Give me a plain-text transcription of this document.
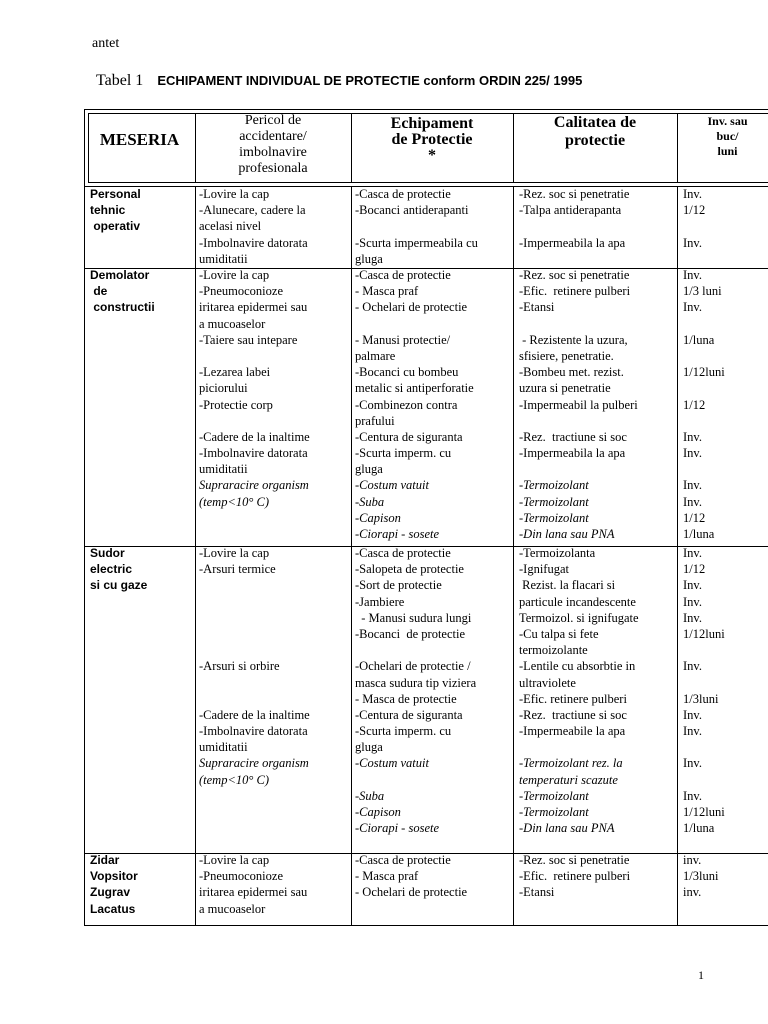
antet
Tabel 1 ECHIPAMENT INDIVIDUAL DE PROTECTIE conform ORDIN 225/ 1995
1
MESERIA
Pericol de
accidentare/
imbolnavire
profesionala
Echipament
de Protectie
*
Calitatea de
protectie
Inv. sau
buc/
luni
Personal
tehnic
operativ
-Lovire la cap
-Alunecare, cadere la
acelasi nivel
-Imbolnavire datorata
umiditatii
-Casca de protectie
-Bocanci antiderapanti
-Scurta impermeabila cu
gluga
-Rez. soc si penetratie
-Talpa antiderapanta
-Impermeabila la apa
Inv.
1/12
Inv.
Demolator
de
constructii
-Lovire la cap
-Pneumoconioze
iritarea epidermei sau
a mucoaselor
-Taiere sau intepare
-Lezarea labei
piciorului
-Protectie corp
-Cadere de la inaltime
-Imbolnavire datorata
umiditatii
Supraracire organism
(temp<10° C)
-Casca de protectie
- Masca praf
- Ochelari de protectie
- Manusi protectie/
palmare
-Bocanci cu bombeu
metalic si antiperforatie
-Combinezon contra
prafului
-Centura de siguranta
-Scurta imperm. cu
gluga
-Costum vatuit
-Suba
-Capison
-Ciorapi - sosete
-Rez. soc si penetratie
-Efic.  retinere pulberi
-Etansi
- Rezistente la uzura,
sfisiere, penetratie.
-Bombeu met. rezist.
uzura si penetratie
-Impermeabil la pulberi
-Rez.  tractiune si soc
-Impermeabila la apa
-Termoizolant
-Termoizolant
-Termoizolant
-Din lana sau PNA
Inv.
1/3 luni
Inv.
1/luna
1/12luni
1/12
Inv.
Inv.
Inv.
Inv.
1/12
1/luna
Sudor
electric
si cu gaze
-Lovire la cap
-Arsuri termice
-Arsuri si orbire
-Cadere de la inaltime
-Imbolnavire datorata
umiditatii
Supraracire organism
(temp<10° C)
-Casca de protectie
-Salopeta de protectie
-Sort de protectie
-Jambiere
- Manusi sudura lungi
-Bocanci  de protectie
-Ochelari de protectie /
masca sudura tip viziera
- Masca de protectie
-Centura de siguranta
-Scurta imperm. cu
gluga
-Costum vatuit
-Suba
-Capison
-Ciorapi - sosete
-Termoizolanta
-Ignifugat
Rezist. la flacari si
particule incandescente
Termoizol. si ignifugate
-Cu talpa si fete
termoizolante
-Lentile cu absorbtie in
ultraviolete
-Efic. retinere pulberi
-Rez.  tractiune si soc
-Impermeabile la apa
-Termoizolant rez. la
temperaturi scazute
-Termoizolant
-Termoizolant
-Din lana sau PNA
Inv.
1/12
Inv.
Inv.
Inv.
1/12luni
Inv.
1/3luni
Inv.
Inv.
Inv.
Inv.
1/12luni
1/luna
Zidar
Vopsitor
Zugrav
Lacatus
-Lovire la cap
-Pneumoconioze
iritarea epidermei sau
a mucoaselor
-Casca de protectie
- Masca praf
- Ochelari de protectie
-Rez. soc si penetratie
-Efic.  retinere pulberi
-Etansi
inv.
1/3luni
inv.
